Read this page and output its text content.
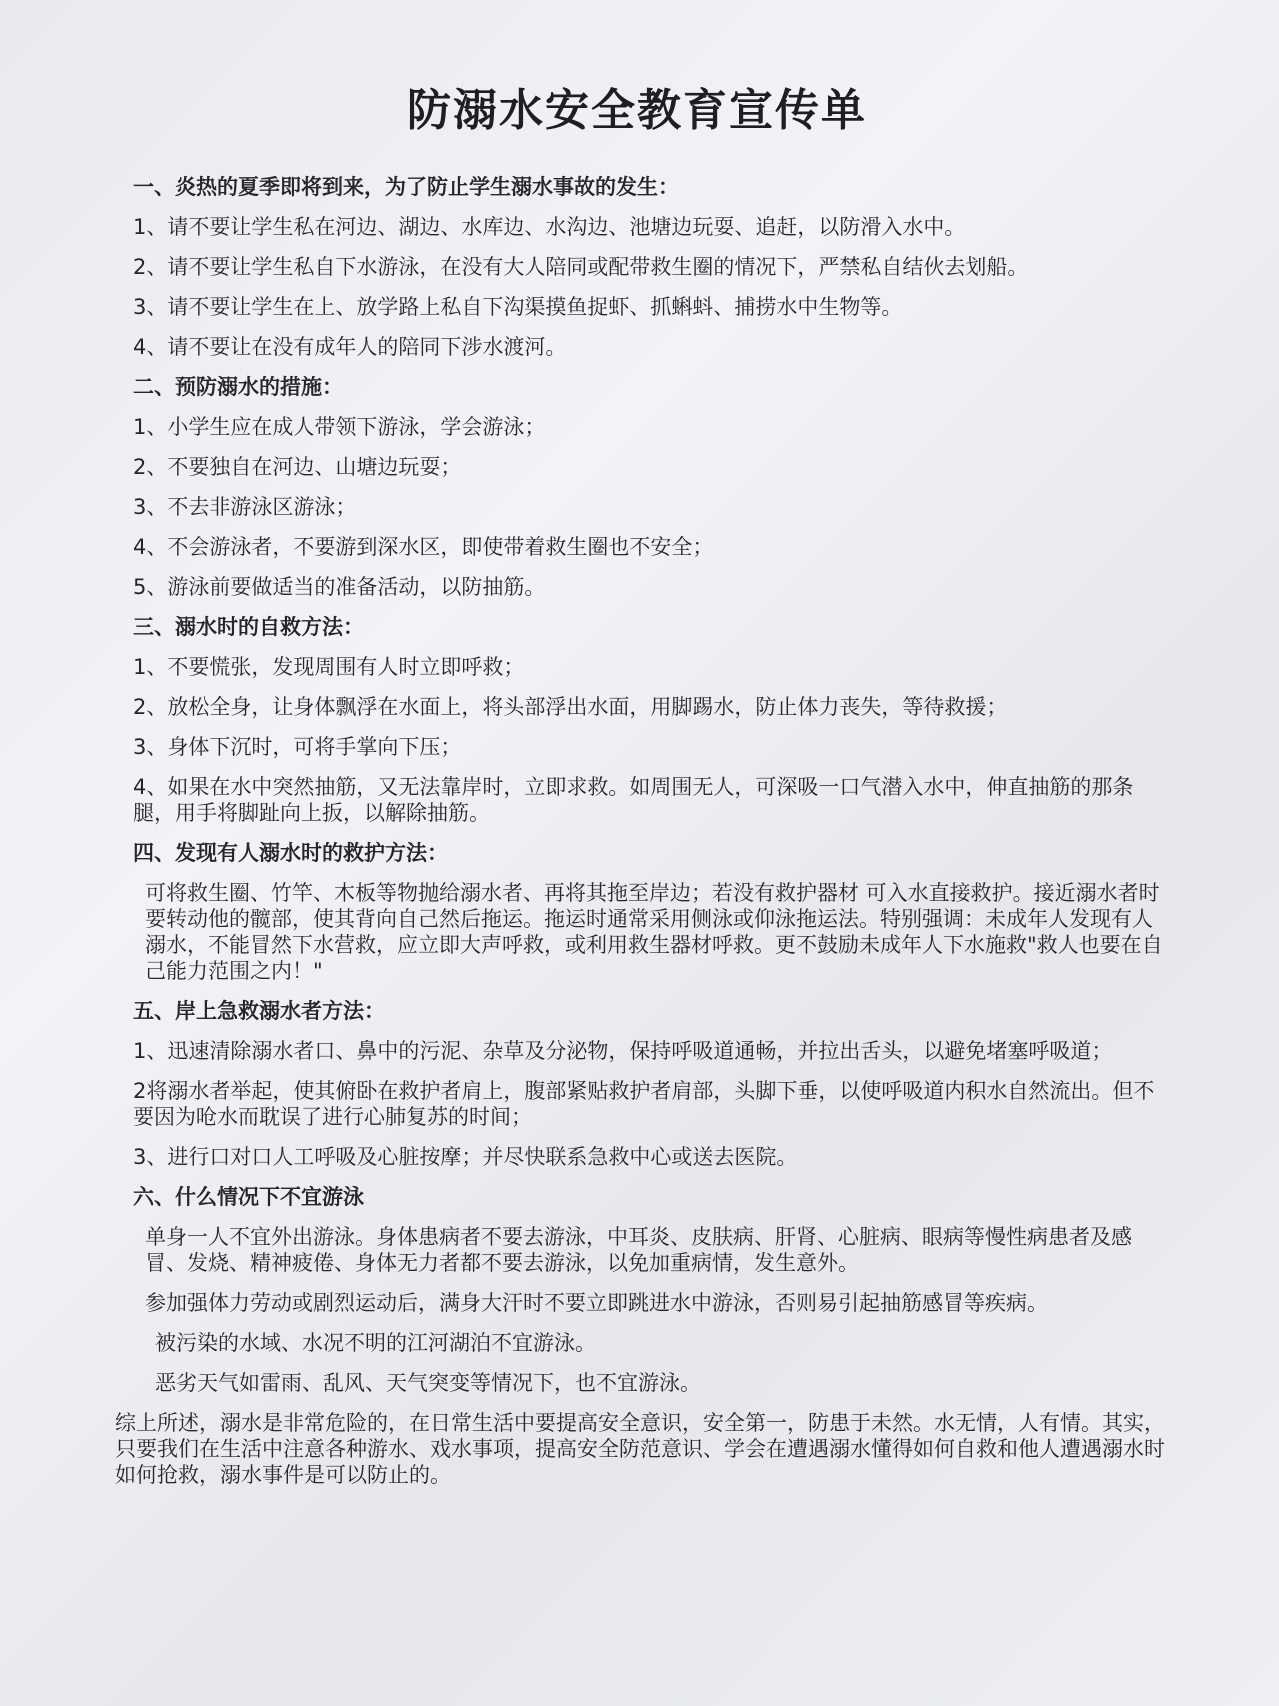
防溺水安全教育宣传单
一、炎热的夏季即将到来，为了防止学生溺水事故的发生：
1、请不要让学生私在河边、湖边、水库边、水沟边、池塘边玩耍、追赶，以防滑入水中。
2、请不要让学生私自下水游泳，在没有大人陪同或配带救生圈的情况下，严禁私自结伙去划船。
3、请不要让学生在上、放学路上私自下沟渠摸鱼捉虾、抓蝌蚪、捕捞水中生物等。
4、请不要让在没有成年人的陪同下涉水渡河。
二、预防溺水的措施：
1、小学生应在成人带领下游泳，学会游泳；
2、不要独自在河边、山塘边玩耍；
3、不去非游泳区游泳；
4、不会游泳者，不要游到深水区，即使带着救生圈也不安全；
5、游泳前要做适当的准备活动，以防抽筋。
三、溺水时的自救方法：
1、不要慌张，发现周围有人时立即呼救；
2、放松全身，让身体飘浮在水面上，将头部浮出水面，用脚踢水，防止体力丧失，等待救援；
3、身体下沉时，可将手掌向下压；
4、如果在水中突然抽筋，又无法靠岸时，立即求救。如周围无人，可深吸一口气潜入水中，伸直抽筋的那条腿，用手将脚趾向上扳，以解除抽筋。
四、发现有人溺水时的救护方法：
可将救生圈、竹竿、木板等物抛给溺水者、再将其拖至岸边；若没有救护器材 可入水直接救护。接近溺水者时要转动他的髋部，使其背向自己然后拖运。拖运时通常采用侧泳或仰泳拖运法。特别强调：未成年人发现有人溺水，不能冒然下水营救，应立即大声呼救，或利用救生器材呼救。更不鼓励未成年人下水施救"救人也要在自己能力范围之内！"
五、岸上急救溺水者方法：
1、迅速清除溺水者口、鼻中的污泥、杂草及分泌物，保持呼吸道通畅，并拉出舌头，以避免堵塞呼吸道；
2将溺水者举起，使其俯卧在救护者肩上，腹部紧贴救护者肩部，头脚下垂，以使呼吸道内积水自然流出。但不要因为呛水而耽误了进行心肺复苏的时间；
3、进行口对口人工呼吸及心脏按摩；并尽快联系急救中心或送去医院。
六、什么情况下不宜游泳
单身一人不宜外出游泳。身体患病者不要去游泳，中耳炎、皮肤病、肝肾、心脏病、眼病等慢性病患者及感冒、发烧、精神疲倦、身体无力者都不要去游泳，以免加重病情，发生意外。
参加强体力劳动或剧烈运动后，满身大汗时不要立即跳进水中游泳，否则易引起抽筋感冒等疾病。
被污染的水域、水况不明的江河湖泊不宜游泳。
恶劣天气如雷雨、乱风、天气突变等情况下，也不宜游泳。
综上所述，溺水是非常危险的，在日常生活中要提高安全意识，安全第一，防患于未然。水无情，人有情。其实，只要我们在生活中注意各种游水、戏水事项，提高安全防范意识、学会在遭遇溺水懂得如何自救和他人遭遇溺水时如何抢救，溺水事件是可以防止的。
